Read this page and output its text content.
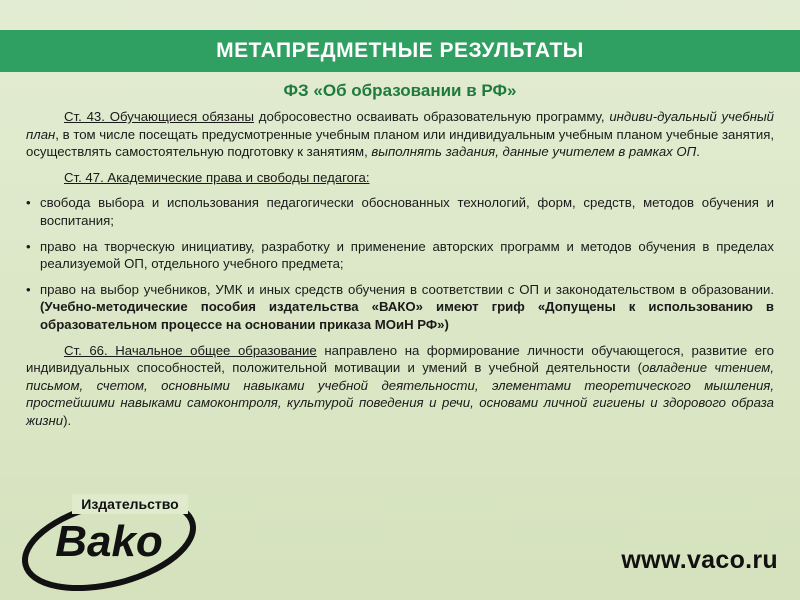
МЕТАПРЕДМЕТНЫЕ РЕЗУЛЬТАТЫ
ФЗ «Об образовании в РФ»

Ст. 43. Обучающиеся обязаны добросовестно осваивать образовательную программу, индиви-дуальный учебный план, в том числе посещать предусмотренные учебным планом или индивидуальным учебным планом учебные занятия, осуществлять самостоятельную подготовку к занятиям, выполнять задания, данные учителем в рамках ОП.

Ст. 47. Академические права и свободы педагога:

• свобода выбора и использования педагогически обоснованных технологий, форм, средств, методов обучения и воспитания;
• право на творческую инициативу, разработку и применение авторских программ и методов обучения в пределах реализуемой ОП, отдельного учебного предмета;
• право на выбор учебников, УМК и иных средств обучения в соответствии с ОП и законодательством в образовании. (Учебно-методические пособия издательства «ВАКО» имеют гриф «Допущены к использованию в образовательном процессе на основании приказа МОиН РФ»)

Ст. 66. Начальное общее образование направлено на формирование личности обучающегося, развитие его индивидуальных способностей, положительной мотивации и умений в учебной деятельности (овладение чтением, письмом, счетом, основными навыками учебной деятельности, элементами теоретического мышления, простейшими навыками самоконтроля, культурой поведения и речи, основами личной гигиены и здорового образа жизни).

Издательство
Bako	www.vaco.ru
